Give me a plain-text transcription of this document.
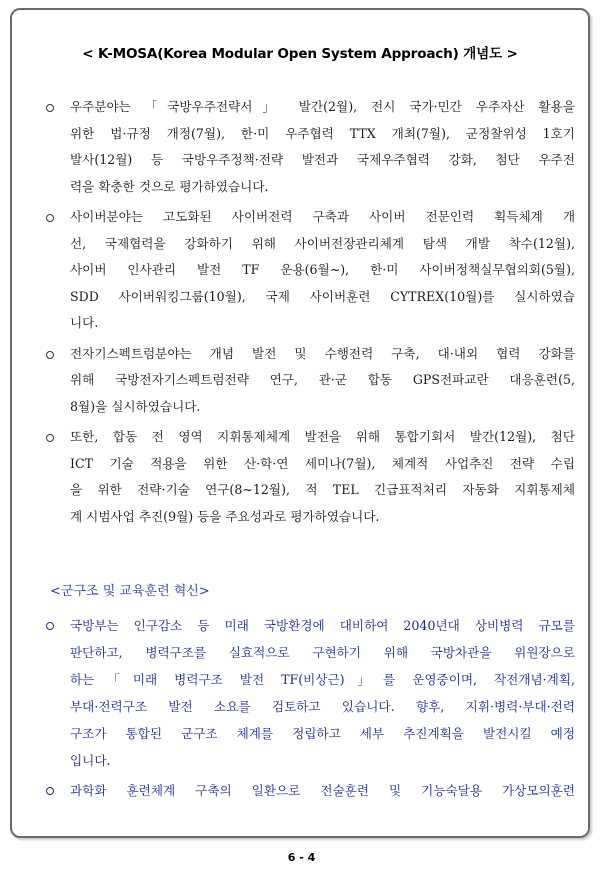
< K-MOSA(Korea Modular Open System Approach) 개념도 >
우주분야는 「국방우주전략서」 발간(2월), 전시 국가·민간 우주자산 활용을
위한 법·규정 개정(7월), 한·미 우주협력 TTX 개최(7월), 군정찰위성 1호기
발사(12월) 등 국방우주정책·전략 발전과 국제우주협력 강화, 첨단 우주전
력을 확충한 것으로 평가하였습니다.
사이버분야는 고도화된 사이버전력 구축과 사이버 전문인력 획득체계 개
선, 국제협력을 강화하기 위해 사이버전장관리체계 탐색 개발 착수(12월),
사이버 인사관리 발전 TF 운용(6월~), 한·미 사이버정책실무협의회(5월),
SDD 사이버워킹그룹(10월), 국제 사이버훈련 CYTREX(10월)를 실시하였습
니다.
전자기스펙트럼분야는 개념 발전 및 수행전력 구축, 대·내외 협력 강화를
위해 국방전자기스펙트럼전략 연구, 관·군 합동 GPS전파교란 대응훈련(5,
8월)을 실시하였습니다.
또한, 합동 전 영역 지휘통제체계 발전을 위해 통합기회서 발간(12월), 첨단
ICT 기술 적용을 위한 산·학·연 세미나(7월), 체계적 사업추진 전략 수립
을 위한 전략·기술 연구(8~12월), 적 TEL 긴급표적처리 자동화 지휘통제체
계 시범사업 추진(9월) 등을 주요성과로 평가하였습니다.
<군구조 및 교육훈련 혁신>
국방부는 인구감소 등 미래 국방환경에 대비하여 2040년대 상비병력 규모를
판단하고, 병력구조를 실효적으로 구현하기 위해 국방차관을 위원장으로
하는「미래 병력구조 발전 TF(비상근)」를 운영중이며, 작전개념·계획,
부대·전력구조 발전 소요를 검토하고 있습니다. 향후, 지휘·병력·부대·전력
구조가 통합된 군구조 체계를 정립하고 세부 추진계획을 발전시킬 예정
입니다.
과학화 훈련체계 구축의 일환으로 전술훈련 및 기능숙달용 가상모의훈련
6 - 4
